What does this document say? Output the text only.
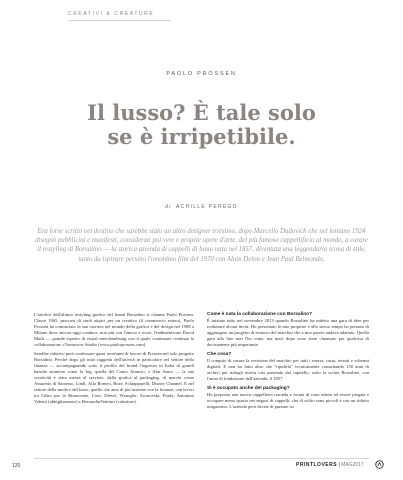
CREATIVI & CREATURE
PAOLO PROSSEN
Il lusso? È tale solo
se è irripetibile.
di ACHILLE PEREGO

Era forse scritto nel destino che sarebbe stato un altro designer triestino, dopo Marcello Dudovich che nel lontano 1924 disegnò pubblicità e manifesti, considerati poi vere e proprie opere d'arte, del più famoso cappellificio al mondo, a curare il restyling di Borsalino — la storica azienda di cappelli di lusso nata nel 1857, diventata una leggendaria icona di stile, tanto da ispirare persino l'omonimo film del 1970 con Alain Delon e Jean Paul Belmondo.

L'artefice dell'ultimo restyling grafico del brand Borsalino si chiama Paolo Prossen. Classe 1965, percorsi di studi atipici per un creativo (il commercio estero), Paolo Prossen ha cominciato la sua carriera nel mondo della grafica e del design nel 1988 a Milano dove ancora oggi conduce, non più con l'amico e socio, l'indimenticato David Mack — grande esperto di visual merchandising con il quale continuare continua la collaborazione «Tomorrow Studio (www.paoloprossen.com).

Sarebbe ridutivo però confessare quasi trent'anni di lavoro di Prossen nel solo progetto Borsalino. Perché dopo gli inizi ruggenti dell'attività in particolare nel settore della finanza — accompagnando sotto il profilo del brand l'ingresso in Italia di grandi banche straniere come la Ing, quella del Conto Arancio, e Abn Amro — la sua creatività è stata messa al servizio, dalla grafica al packaging, di marchi come Amaretto di Saronno, Lindt, Alfa Romeo, Bose, Schiapparelli, Disney Channel. E nel settore della moda e del lusso, quello che ama di più insieme con la finanza, con lavori tra l'altro per la Rinascente, Coin, Diesel, Wrangler, Swarovski, Prada, Antonino Valenti (abbigliamento) e BernardinVentturi (calzature).

Come è nata la collaborazione con Borsalino?

È iniziato tutto nel novembre 2013 quando Borsalino ha indetto una gara di idee per realizzare alcuni inviti. Ho presentato le mie proposte e allo stesso tempo ho pensato di aggiungere un progetto di rinnovo del marchio che a mio parere andava adattato. Quella gara alla fine non l'ho vinta, ma mesi dopo sono stato chiamato per qualcosa di decisamente più importante.

Che cosa?

Il compito di curare la revisione del marchio per tutti i mezzi: carta, tessuti e schermi digitali. E non ho fatto altro che "ripulirlo" tecnicamente consultando 150 anni di archivi per ridargli nuova vita partendo dal capitello, sotto la scritta Borsalino, con l'anno di fondazione dell'azienda, il 1857.

Sì è occupato anche del packaging?

Ho proposto una nuova cappelliera rotonda e forma di cono adatta ad essere piegata e occupare meno spazio nei negozi di cappelli, che di solito sono piccoli e con un ridotto magazzino. L'azienda però decise di puntare su

120	PRINTLOVERS | MAG2017
